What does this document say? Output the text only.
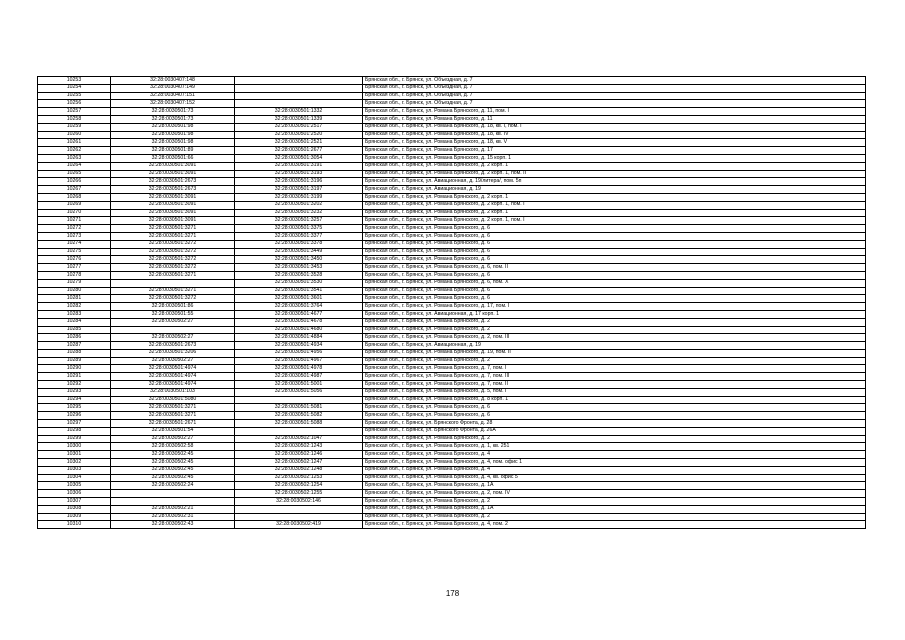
10253	32:28:0030407:148		Брянская обл., г. Брянск, ул. Объездная, д. 7
10254	32:28:0030407:149		Брянская обл., г. Брянск, ул. Объездная, д. 7
10255	32:28:0030407:151		Брянская обл., г. Брянск, ул. Объездная, д. 7
10256	32:28:0030407:152		Брянская обл., г. Брянск, ул. Объездная, д. 7
10257	32:28:0030501:73	32:28:0030501:1332	Брянская обл., г. Брянск, ул. Романа Брянского, д. 11, пом. I
10258	32:28:0030501:73	32:28:0030501:1339	Брянская обл., г. Брянск, ул. Романа Брянского, д. 11
10259	32:28:0030501:98	32:28:0030501:2517	Брянская обл., г. Брянск, ул. Романа Брянского, д. 18, кв. I, пом. I
10260	32:28:0030501:98	32:28:0030501:2520	Брянская обл., г. Брянск, ул. Романа Брянского, д. 18, кв. IV
10261	32:28:0030501:98	32:28:0030501:2521	Брянская обл., г. Брянск, ул. Романа Брянского, д. 18, кв. V
10262	32:28:0030501:89	32:28:0030501:2677	Брянская обл., г. Брянск, ул. Романа Брянского, д. 17
10263	32:28:0030501:66	32:28:0030501:3054	Брянская обл., г. Брянск, ул. Романа Брянского, д. 15 корп. 1
10264	32:28:0030501:3091	32:28:0030501:3191	Брянская обл., г. Брянск, ул. Романа Брянского, д. 2 корп. 1
10265	32:28:0030501:3091	32:28:0030501:3193	Брянская обл., г. Брянск, ул. Романа Брянского, д. 2 корп. 1, пом. II
10266	32:28:0030501:2673	32:28:0030501:3196	Брянская обл., г. Брянск, ул. Авиационная, д. 19/литера/, пом. 5п
10267	32:28:0030501:2673	32:28:0030501:3197	Брянская обл., г. Брянск, ул. Авиационная, д. 19
10268	32:28:0030501:3091	32:28:0030501:3199	Брянская обл., г. Брянск, ул. Романа Брянского, д. 2 корп. 1
10269	32:28:0030501:3091	32:28:0030501:3202	Брянская обл., г. Брянск, ул. Романа Брянского, д. 2 корп. 1, пом. I
10270	32:28:0030501:3091	32:28:0030501:3232	Брянская обл., г. Брянск, ул. Романа Брянского, д. 2 корп. 1
10271	32:28:0030501:3091	32:28:0030501:3257	Брянская обл., г. Брянск, ул. Романа Брянского, д. 2 корп. 1, пом. I
10272	32:28:0030501:3271	32:28:0030501:3375	Брянская обл., г. Брянск, ул. Романа Брянского, д. 6
10273	32:28:0030501:3271	32:28:0030501:3377	Брянская обл., г. Брянск, ул. Романа Брянского, д. 6
10274	32:28:0030501:3272	32:28:0030501:3378	Брянская обл., г. Брянск, ул. Романа Брянского, д. 6
10275	32:28:0030501:3272	32:28:0030501:3449	Брянская обл., г. Брянск, ул. Романа Брянского, д. 6
10276	32:28:0030501:3272	32:28:0030501:3450	Брянская обл., г. Брянск, ул. Романа Брянского, д. 6
10277	32:28:0030501:3272	32:28:0030501:3453	Брянская обл., г. Брянск, ул. Романа Брянского, д. 6, пом. II
10278	32:28:0030501:3271	32:28:0030501:3528	Брянская обл., г. Брянск, ул. Романа Брянского, д. 6
10279		32:28:0030501:3530	Брянская обл., г. Брянск, ул. Романа Брянского, д. 6, пом. X
10280	32:28:0030501:3271	32:28:0030501:3541	Брянская обл., г. Брянск, ул. Романа Брянского, д. 6
10281	32:28:0030501:3272	32:28:0030501:3601	Брянская обл., г. Брянск, ул. Романа Брянского, д. 6
10282	32:28:0030501:86	32:28:0030501:3764	Брянская обл., г. Брянск, ул. Романа Брянского, д. 17, пом. I
10283	32:28:0030501:55	32:28:0030501:4677	Брянская обл., г. Брянск, ул. Авиационная, д. 17 корп. 1
10284	32:28:0030502:27	32:28:0030501:4678	Брянская обл., г. Брянск, ул. Романа Брянского, д. 2
10285		32:28:0030501:4680	Брянская обл., г. Брянск, ул. Романа Брянского, д. 2
10286	32:28:0030502:27	32:28:0030501:4884	Брянская обл., г. Брянск, ул. Романа Брянского, д. 2, пом. III
10287	32:28:0030501:2673	32:28:0030501:4934	Брянская обл., г. Брянск, ул. Авиационная, д. 19
10288	32:28:0030501:3206	32:28:0030501:4956	Брянская обл., г. Брянск, ул. Романа Брянского, д. 19, пом. II
10289	32:28:0030502:27	32:28:0030501:4967	Брянская обл., г. Брянск, ул. Романа Брянского, д. 2
10290	32:28:0030501:4974	32:28:0030501:4978	Брянская обл., г. Брянск, ул. Романа Брянского, д. 7, пом. I
10291	32:28:0030501:4974	32:28:0030501:4987	Брянская обл., г. Брянск, ул. Романа Брянского, д. 7, пом. III
10292	32:28:0030501:4974	32:28:0030501:5001	Брянская обл., г. Брянск, ул. Романа Брянского, д. 7, пом. II
10293	32:28:0030501:103	32:28:0030501:5056	Брянская обл., г. Брянск, ул. Романа Брянского, д. 5, пом. I
10294	32:28:0030501:5080		Брянская обл., г. Брянск, ул. Романа Брянского, д. 8 корп. 1
10295	32:28:0030501:3271	32:28:0030501:5081	Брянская обл., г. Брянск, ул. Романа Брянского, д. 6
10296	32:28:0030501:3271	32:28:0030501:5082	Брянская обл., г. Брянск, ул. Романа Брянского, д. 6
10297	32:28:0030501:2671	32:28:0030501:5088	Брянская обл., г. Брянск, ул. Брянского Фронта, д. 28
10298	32:28:0030501:54		Брянская обл., г. Брянск, ул. Брянского Фронта, д. 26А
10299	32:28:0030502:27	32:28:0030502:1047	Брянская обл., г. Брянск, ул. Романа Брянского, д. 2
10300	32:28:0030502:58	32:28:0030502:1243	Брянская обл., г. Брянск, ул. Романа Брянского, д. 1, кв. 251
10301	32:28:0030502:45	32:28:0030502:1246	Брянская обл., г. Брянск, ул. Романа Брянского, д. 4
10302	32:28:0030502:45	32:28:0030502:1247	Брянская обл., г. Брянск, ул. Романа Брянского, д. 4, пом. офис 1
10303	32:28:0030502:45	32:28:0030502:1248	Брянская обл., г. Брянск, ул. Романа Брянского, д. 4
10304	32:28:0030502:45	32:28:0030502:1253	Брянская обл., г. Брянск, ул. Романа Брянского, д. 4, кв. офис 5
10305	32:28:0030502:24	32:28:0030502:1254	Брянская обл., г. Брянск, ул. Романа Брянского, д. 1А
10306		32:28:0030502:1255	Брянская обл., г. Брянск, ул. Романа Брянского, д. 2, пом. IV
10307		32:28:0030502:146	Брянская обл., г. Брянск, ул. Романа Брянского, д. 2
10308	32:28:0030502:21		Брянская обл., г. Брянск, ул. Романа Брянского, д. 1А
10309	32:28:0030502:31		Брянская обл., г. Брянск, ул. Романа Брянского, д. 2
10310	32:28:0030502:43	32:28:0030502:419	Брянская обл., г. Брянск, ул. Романа Брянского, д. 4, пом. 2
178
